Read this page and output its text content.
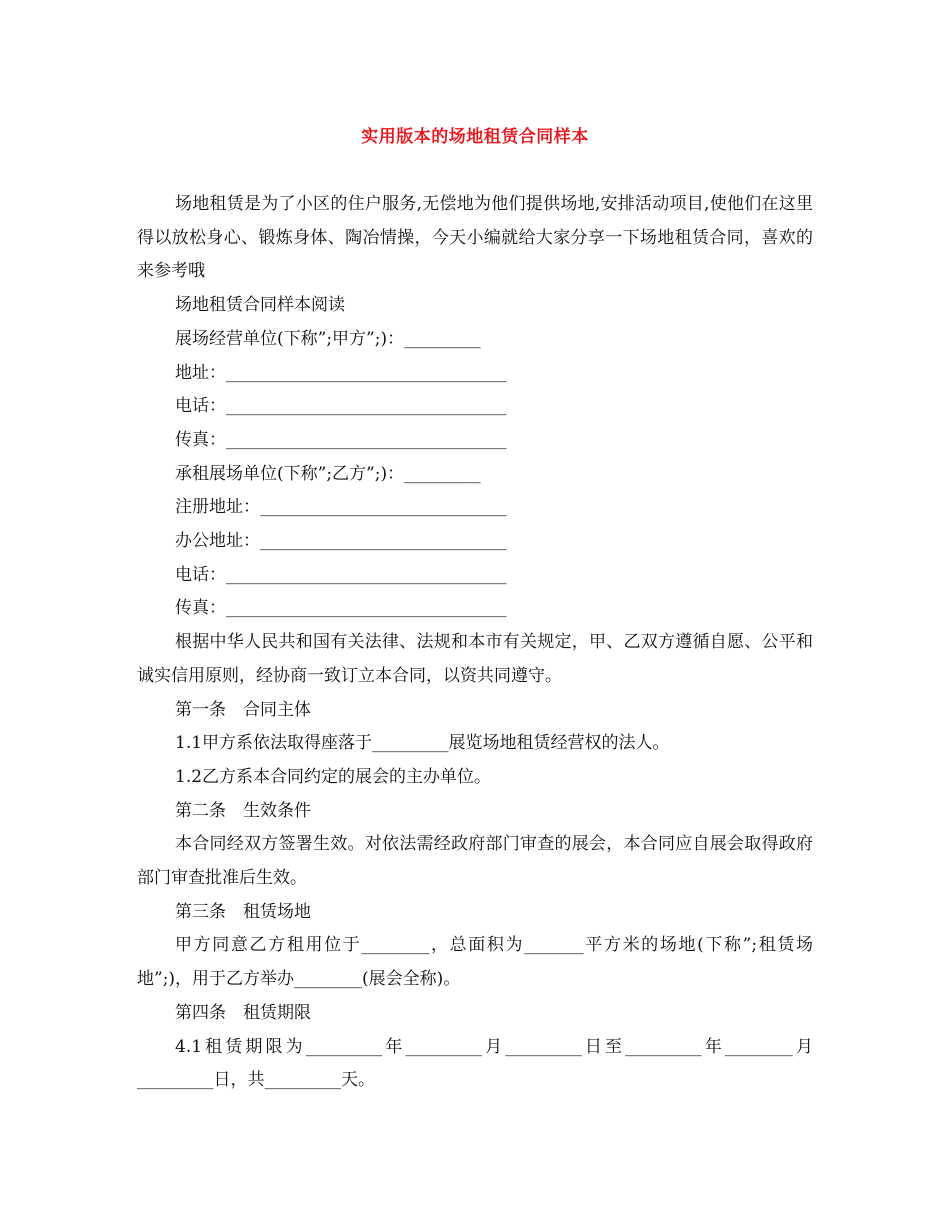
实用版本的场地租赁合同样本

场地租赁是为了小区的住户服务,无偿地为他们提供场地,安排活动项目,使他们在这里得以放松身心、锻炼身体、陶冶情操，今天小编就给大家分享一下场地租赁合同，喜欢的来参考哦

场地租赁合同样本阅读

展场经营单位(下称”;甲方”;)：_________

地址：_________________________________

电话：_________________________________

传真：_________________________________

承租展场单位(下称”;乙方”;)：_________

注册地址：_____________________________

办公地址：_____________________________

电话：_________________________________

传真：_________________________________

根据中华人民共和国有关法律、法规和本市有关规定，甲、乙双方遵循自愿、公平和诚实信用原则，经协商一致订立本合同，以资共同遵守。

第一条　合同主体

1.1甲方系依法取得座落于_________展览场地租赁经营权的法人。

1.2乙方系本合同约定的展会的主办单位。

第二条　生效条件

本合同经双方签署生效。对依法需经政府部门审查的展会，本合同应自展会取得政府部门审查批准后生效。

第三条　租赁场地

甲方同意乙方租用位于________，总面积为_______平方米的场地(下称”;租赁场地”;)，用于乙方举办________(展会全称)。

第四条　租赁期限

4.1租赁期限为_________年_________月_________日至_________年________月_________日，共_________天。
